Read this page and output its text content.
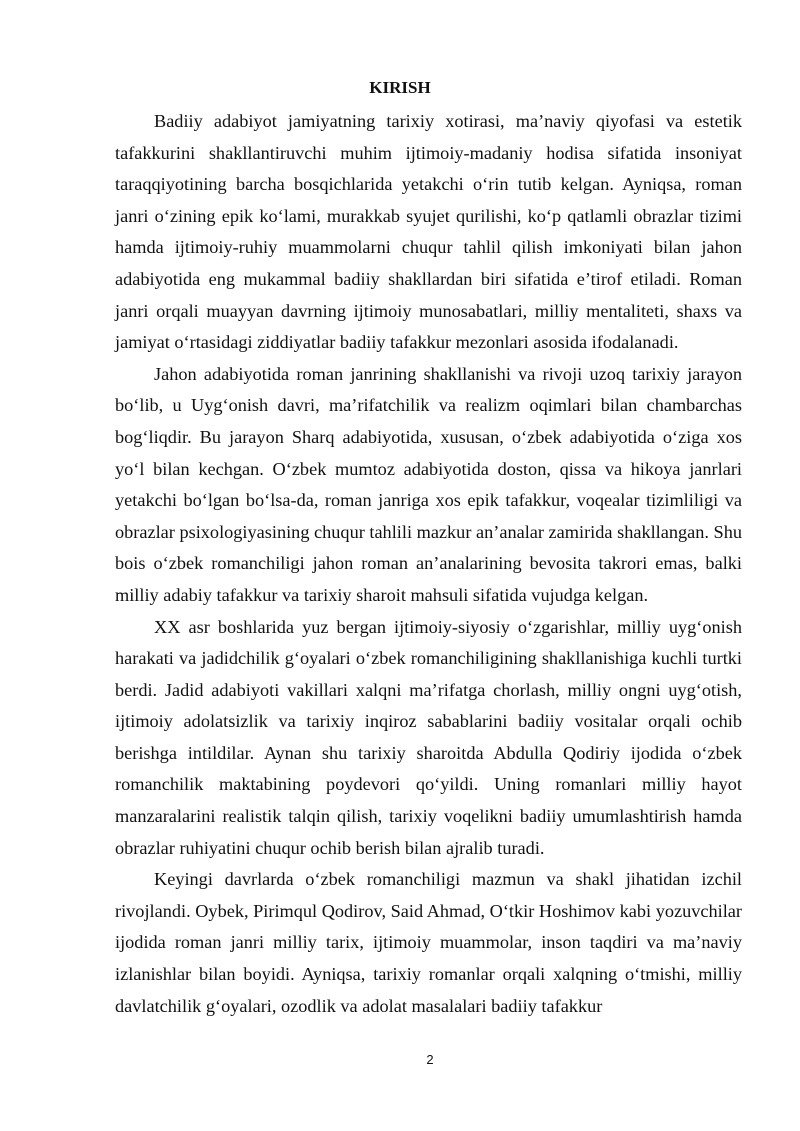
KIRISH

Badiiy adabiyot jamiyatning tarixiy xotirasi, ma’naviy qiyofasi va estetik tafakkurini shakllantiruvchi muhim ijtimoiy-madaniy hodisa sifatida insoniyat taraqqiyotining barcha bosqichlarida yetakchi o‘rin tutib kelgan. Ayniqsa, roman janri o‘zining epik ko‘lami, murakkab syujet qurilishi, ko‘p qatlamli obrazlar tizimi hamda ijtimoiy-ruhiy muammolarni chuqur tahlil qilish imkoniyati bilan jahon adabiyotida eng mukammal badiiy shakllardan biri sifatida e’tirof etiladi. Roman janri orqali muayyan davrning ijtimoiy munosabatlari, milliy mentaliteti, shaxs va jamiyat o‘rtasidagi ziddiyatlar badiiy tafakkur mezonlari asosida ifodalanadi.

Jahon adabiyotida roman janrining shakllanishi va rivoji uzoq tarixiy jarayon bo‘lib, u Uyg‘onish davri, ma’rifatchilik va realizm oqimlari bilan chambarchas bog‘liqdir. Bu jarayon Sharq adabiyotida, xususan, o‘zbek adabiyotida o‘ziga xos yo‘l bilan kechgan. O‘zbek mumtoz adabiyotida doston, qissa va hikoya janrlari yetakchi bo‘lgan bo‘lsa-da, roman janriga xos epik tafakkur, voqealar tizimliligi va obrazlar psixologiyasining chuqur tahlili mazkur an’analar zamirida shakllangan. Shu bois o‘zbek romanchiligi jahon roman an’analarining bevosita takrori emas, balki milliy adabiy tafakkur va tarixiy sharoit mahsuli sifatida vujudga kelgan.

XX asr boshlarida yuz bergan ijtimoiy-siyosiy o‘zgarishlar, milliy uyg‘onish harakati va jadidchilik g‘oyalari o‘zbek romanchiligining shakllanishiga kuchli turtki berdi. Jadid adabiyoti vakillari xalqni ma’rifatga chorlash, milliy ongni uyg‘otish, ijtimoiy adolatsizlik va tarixiy inqiroz sabablarini badiiy vositalar orqali ochib berishga intildilar. Aynan shu tarixiy sharoitda Abdulla Qodiriy ijodida o‘zbek romanchilik maktabining poydevori qo‘yildi. Uning romanlari milliy hayot manzaralarini realistik talqin qilish, tarixiy voqelikni badiiy umumlashtirish hamda obrazlar ruhiyatini chuqur ochib berish bilan ajralib turadi.

Keyingi davrlarda o‘zbek romanchiligi mazmun va shakl jihatidan izchil rivojlandi. Oybek, Pirimqul Qodirov, Said Ahmad, O‘tkir Hoshimov kabi yozuvchilar ijodida roman janri milliy tarix, ijtimoiy muammolar, inson taqdiri va ma’naviy izlanishlar bilan boyidi. Ayniqsa, tarixiy romanlar orqali xalqning o‘tmishi, milliy davlatchilik g‘oyalari, ozodlik va adolat masalalari badiiy tafakkur

2
